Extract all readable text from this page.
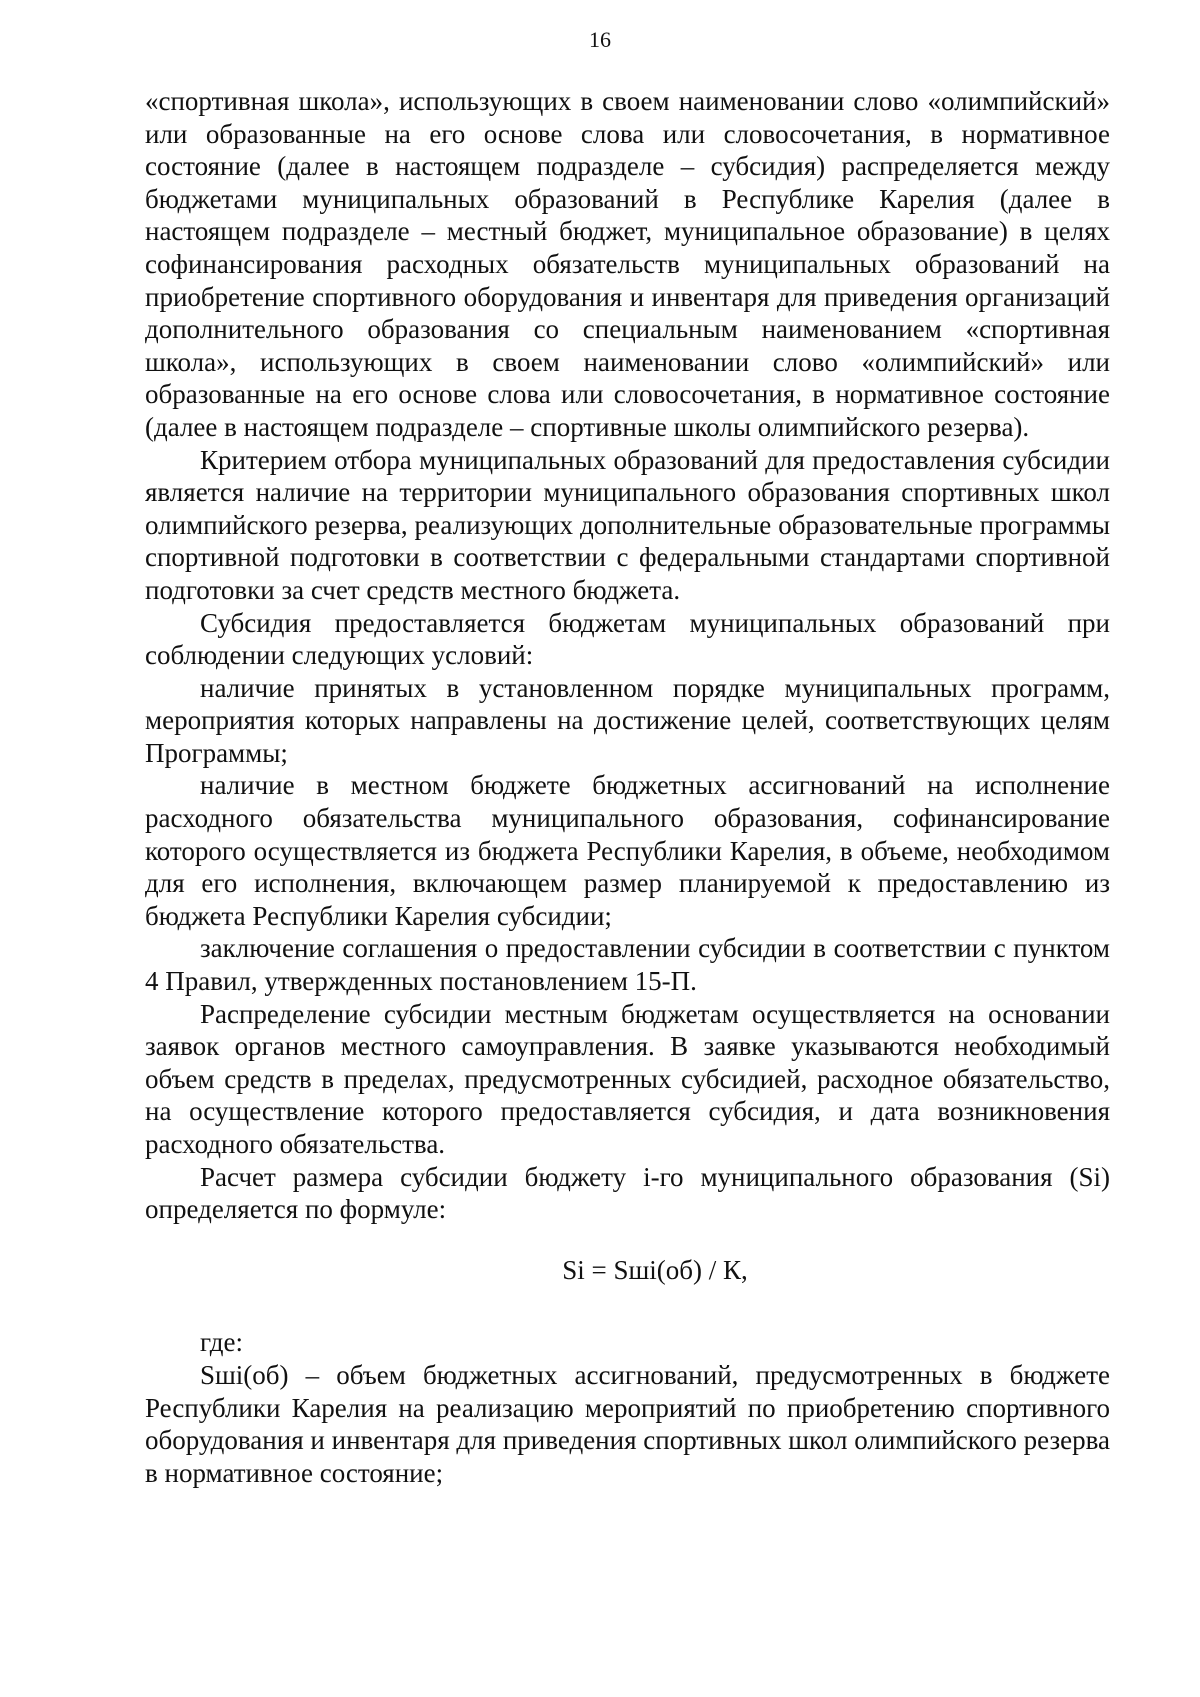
16

«спортивная школа», использующих в своем наименовании слово «олимпийский» или образованные на его основе слова или словосочетания, в нормативное состояние (далее в настоящем подразделе – субсидия) распределяется между бюджетами муниципальных образований в Республике Карелия (далее в настоящем подразделе – местный бюджет, муниципальное образование) в целях софинансирования расходных обязательств муниципальных образований на приобретение спортивного оборудования и инвентаря для приведения организаций дополнительного образования со специальным наименованием «спортивная школа», использующих в своем наименовании слово «олимпийский» или образованные на его основе слова или словосочетания, в нормативное состояние (далее в настоящем подразделе – спортивные школы олимпийского резерва).

Критерием отбора муниципальных образований для предоставления субсидии является наличие на территории муниципального образования спортивных школ олимпийского резерва, реализующих дополнительные образовательные программы спортивной подготовки в соответствии с федеральными стандартами спортивной подготовки за счет средств местного бюджета.

Субсидия предоставляется бюджетам муниципальных образований при соблюдении следующих условий:

наличие принятых в установленном порядке муниципальных программ, мероприятия которых направлены на достижение целей, соответствующих целям Программы;

наличие в местном бюджете бюджетных ассигнований на исполнение расходного обязательства муниципального образования, софинансирование которого осуществляется из бюджета Республики Карелия, в объеме, необходимом для его исполнения, включающем размер планируемой к предоставлению из бюджета Республики Карелия субсидии;

заключение соглашения о предоставлении субсидии в соответствии с пунктом 4 Правил, утвержденных постановлением 15-П.

Распределение субсидии местным бюджетам осуществляется на основании заявок органов местного самоуправления. В заявке указываются необходимый объем средств в пределах, предусмотренных субсидией, расходное обязательство, на осуществление которого предоставляется субсидия, и дата возникновения расходного обязательства.

Расчет размера субсидии бюджету i-го муниципального образования (Si) определяется по формуле:

Si = Sшi(об) / К,

где:

Sшi(об) – объем бюджетных ассигнований, предусмотренных в бюджете Республики Карелия на реализацию мероприятий по приобретению спортивного оборудования и инвентаря для приведения спортивных школ олимпийского резерва в нормативное состояние;
